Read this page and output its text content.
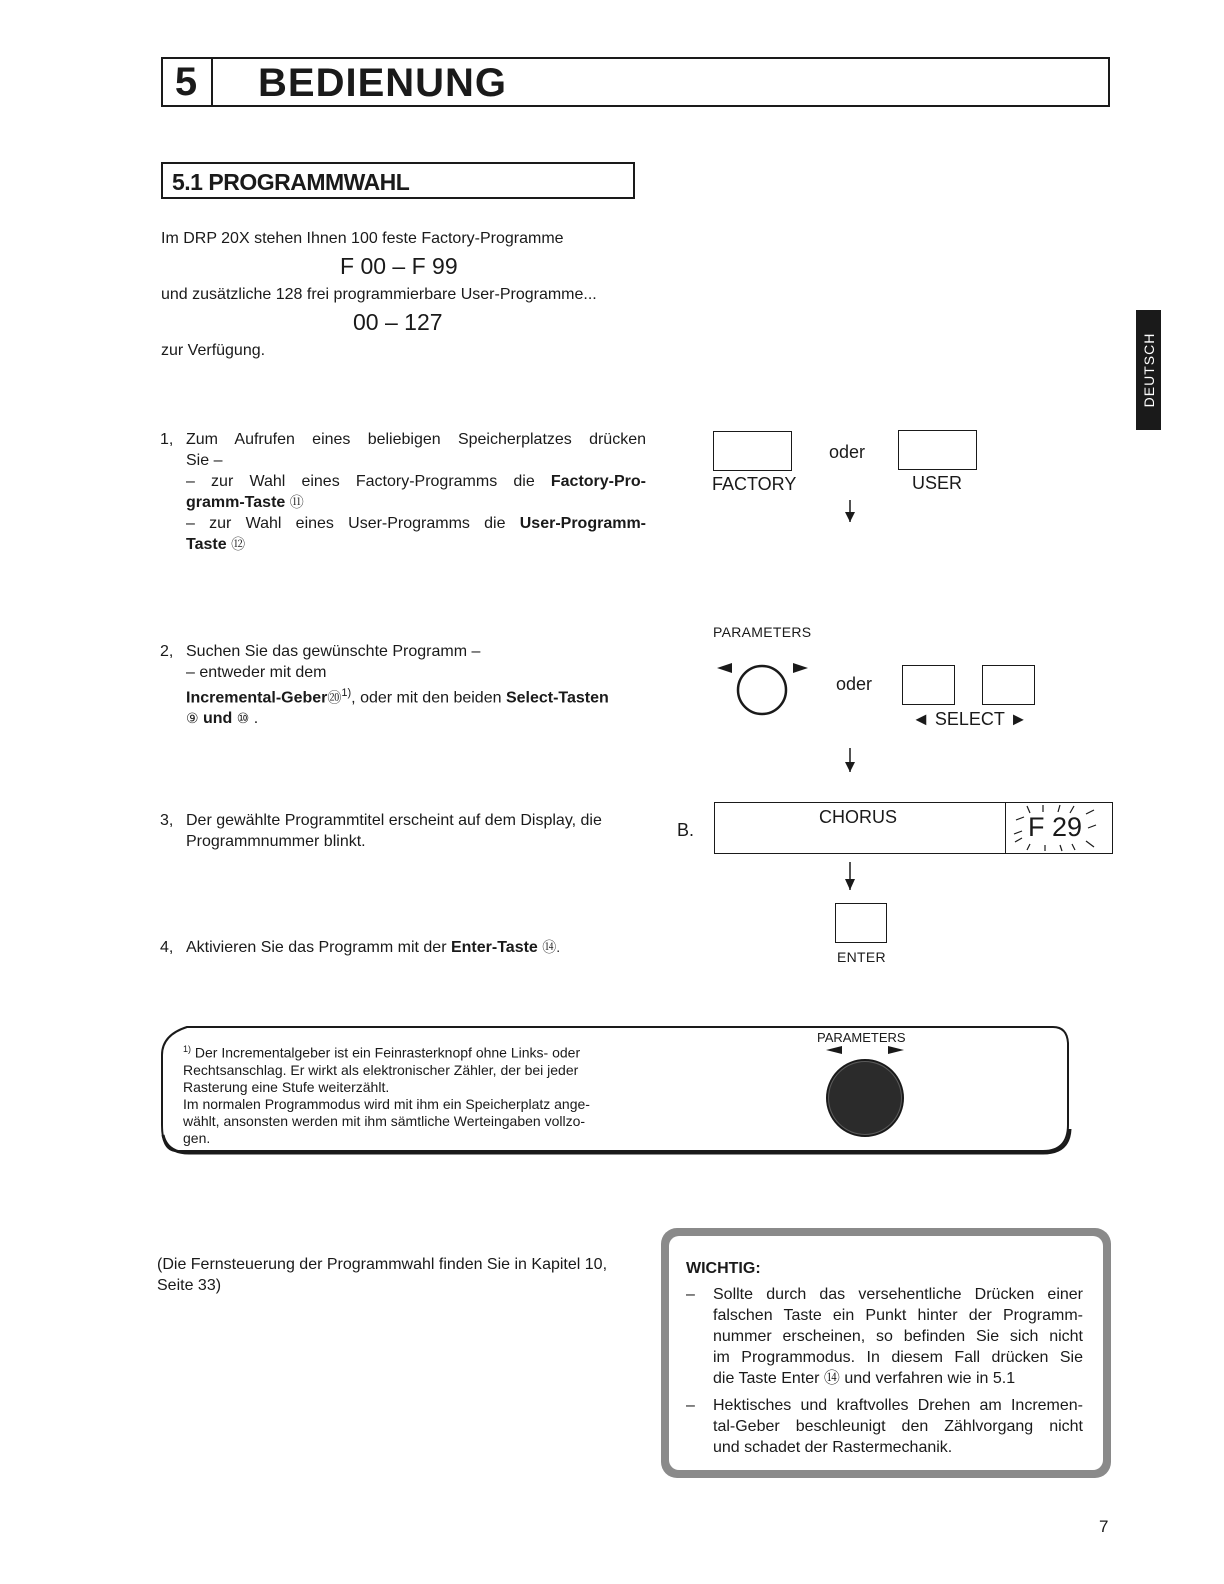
5	BEDIENUNG
5.1 PROGRAMMWAHL
DEUTSCH
Im DRP 20X stehen Ihnen 100 feste Factory-Programme
F 00 – F 99
und zusätzliche 128 frei programmierbare User-Programme...
00 – 127
zur Verfügung.
1, Zum Aufrufen eines beliebigen Speicherplatzes drücken
Sie –
– zur Wahl eines Factory-Programms die Factory-Pro-
gramm-Taste ⑪
– zur Wahl eines User-Programms die User-Programm-
Taste ⑫
2, Suchen Sie das gewünschte Programm –
– entweder mit dem
Incremental-Geber⑳$^{1)}$, oder mit den beiden Select-Tasten
⑨ und ⑩ .
3, Der gewählte Programmtitel erscheint auf dem Display, die
Programmnummer blinkt.
4, Aktivieren Sie das Programm mit der Enter-Taste ⑭.
FACTORY
oder
USER
PARAMETERS
oder
◄ SELECT ►
B.
CHORUS	F 29
ENTER
$^{1)}$ Der Incrementalgeber ist ein Feinrasterknopf ohne Links- oder
Rechtsanschlag. Er wirkt als elektronischer Zähler, der bei jeder
Rasterung eine Stufe weiterzählt.
Im normalen Programmodus wird mit ihm ein Speicherplatz ange-
wählt, ansonsten werden mit ihm sämtliche Werteingaben vollzo-
gen.
PARAMETERS
(Die Fernsteuerung der Programmwahl finden Sie in Kapitel 10,
Seite 33)
WICHTIG:
– Sollte durch das versehentliche Drücken einer
falschen Taste ein Punkt hinter der Programm-
nummer erscheinen, so befinden Sie sich nicht
im Programmodus. In diesem Fall drücken Sie
die Taste Enter ⑭ und verfahren wie in 5.1
– Hektisches und kraftvolles Drehen am Incremen-
tal-Geber beschleunigt den Zählvorgang nicht
und schadet der Rastermechanik.
7
